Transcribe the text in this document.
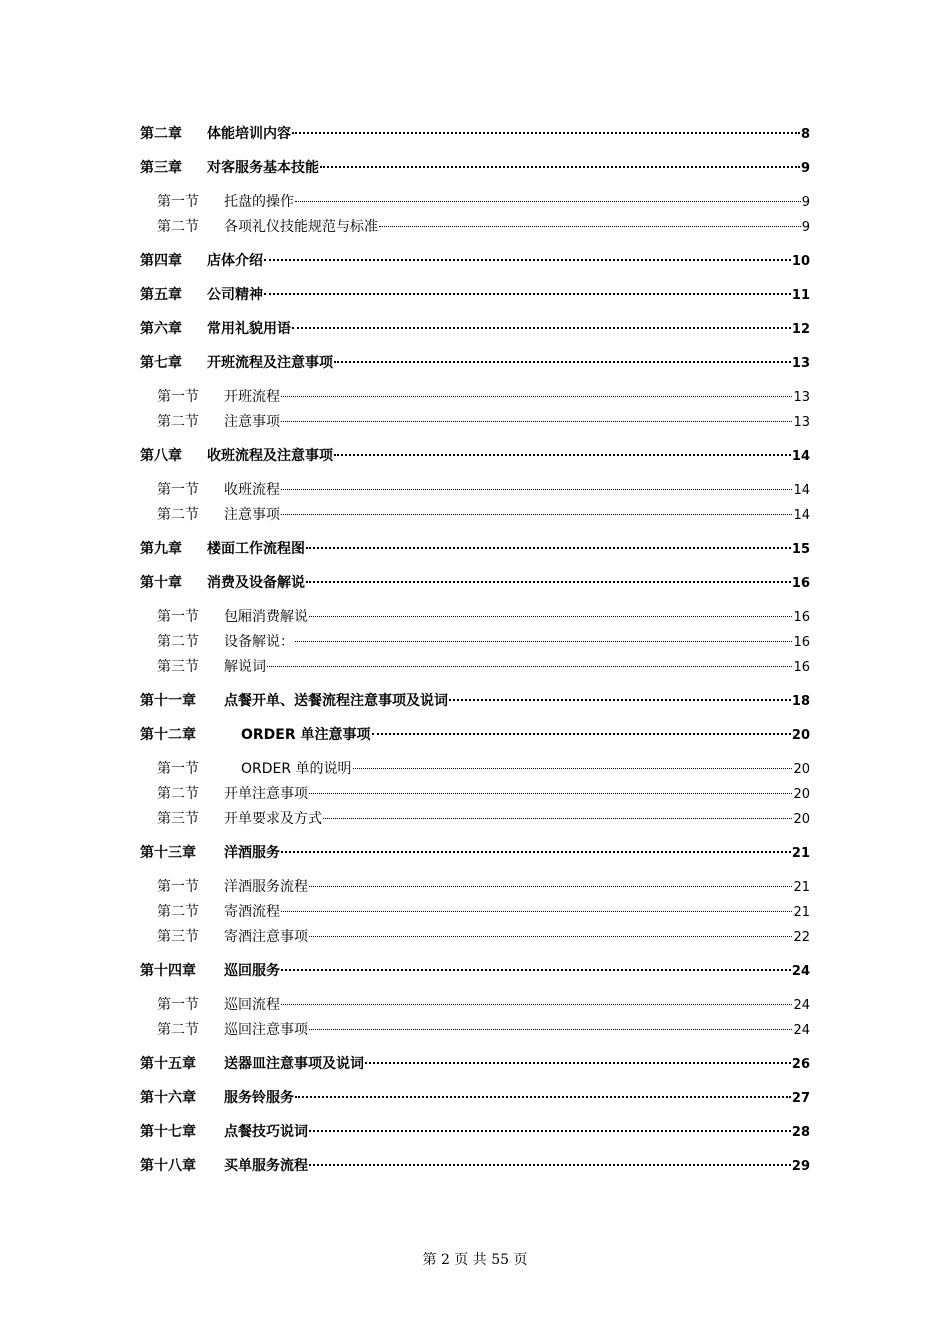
第二章	体能培训内容	8
第三章	对客服务基本技能	9
第一节	托盘的操作	9
第二节	各项礼仪技能规范与标准	9
第四章	店体介绍	10
第五章	公司精神	11
第六章	常用礼貌用语	12
第七章	开班流程及注意事项	13
第一节	开班流程	13
第二节	注意事项	13
第八章	收班流程及注意事项	14
第一节	收班流程	14
第二节	注意事项	14
第九章	楼面工作流程图	15
第十章	消费及设备解说	16
第一节	包厢消费解说	16
第二节	设备解说：	16
第三节	解说词	16
第十一章	点餐开单、送餐流程注意事项及说词	18
第十二章	ORDER 单注意事项	20
第一节	ORDER 单的说明	20
第二节	开单注意事项	20
第三节	开单要求及方式	20
第十三章	洋酒服务	21
第一节	洋酒服务流程	21
第二节	寄酒流程	21
第三节	寄酒注意事项	22
第十四章	巡回服务	24
第一节	巡回流程	24
第二节	巡回注意事项	24
第十五章	送器皿注意事项及说词	26
第十六章	服务铃服务	27
第十七章	点餐技巧说词	28
第十八章	买单服务流程	29
第 2 页 共 55 页
